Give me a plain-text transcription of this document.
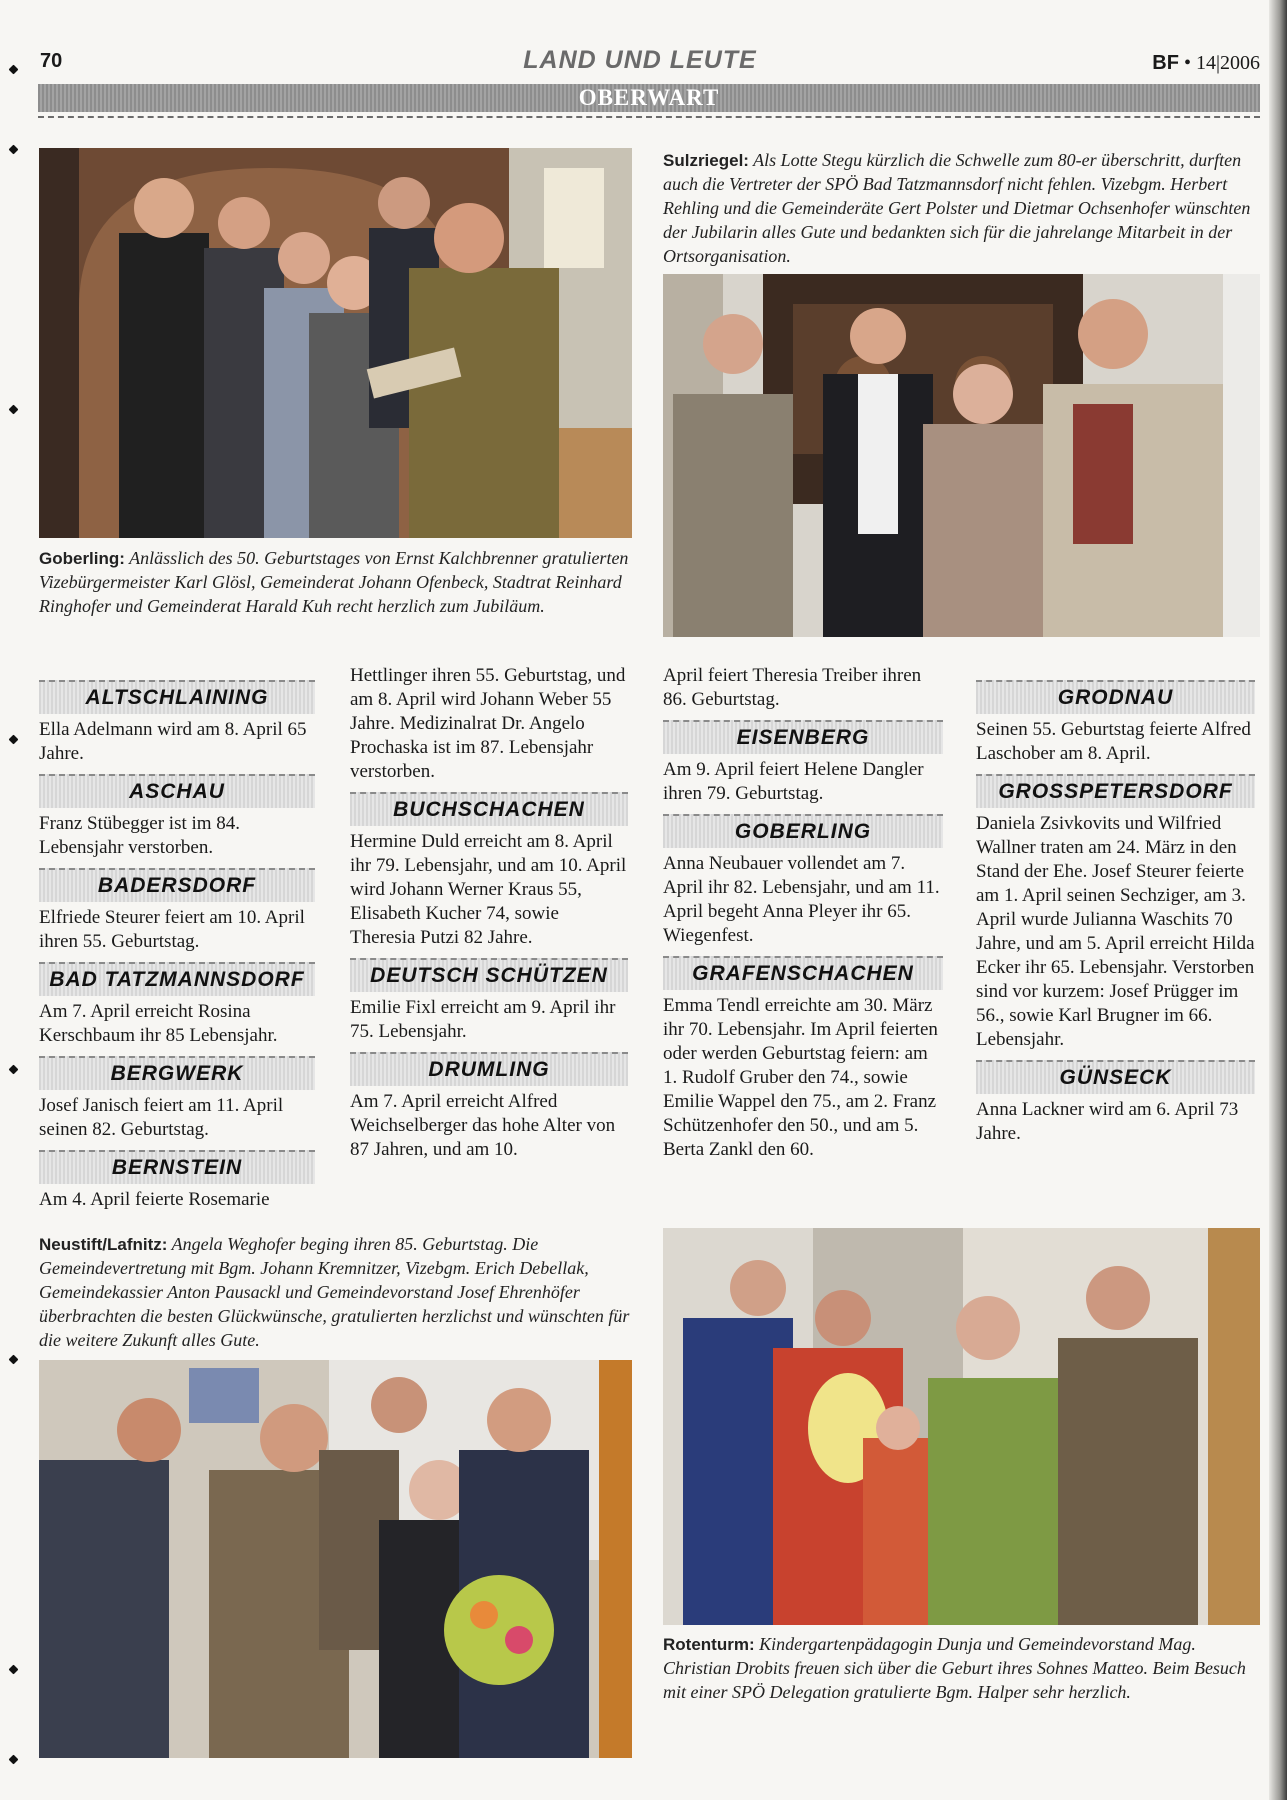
70	LAND UND LEUTE	BF • 14|2006
OBERWART
Goberling: Anlässlich des 50. Geburtstages von Ernst Kalchbrenner gratulierten Vizebürgermeister Karl Glösl, Gemeinderat Johann Ofenbeck, Stadtrat Reinhard Ringhofer und Gemeinderat Harald Kuh recht herzlich zum Jubiläum.
Sulzriegel: Als Lotte Stegu kürzlich die Schwelle zum 80-er überschritt, durften auch die Vertreter der SPÖ Bad Tatzmannsdorf nicht fehlen. Vizebgm. Herbert Rehling und die Gemeinderäte Gert Polster und Dietmar Ochsenhofer wünschten der Jubilarin alles Gute und bedankten sich für die jahrelange Mitarbeit in der Ortsorganisation.
ALTSCHLAINING

Ella Adelmann wird am 8. April 65 Jahre.

ASCHAU

Franz Stübegger ist im 84. Lebensjahr verstorben.

BADERSDORF

Elfriede Steurer feiert am 10. April ihren 55. Geburtstag.

BAD TATZMANNSDORF

Am 7. April erreicht Rosina Kerschbaum ihr 85 Lebensjahr.

BERGWERK

Josef Janisch feiert am 11. April seinen 82. Geburtstag.

BERNSTEIN

Am 4. April feierte Rosemarie

Hettlinger ihren 55. Geburtstag, und am 8. April wird Johann Weber 55 Jahre. Medizinalrat Dr. Angelo Prochaska ist im 87. Lebensjahr verstorben.

BUCHSCHACHEN

Hermine Duld erreicht am 8. April ihr 79. Lebensjahr, und am 10. April wird Johann Werner Kraus 55, Elisabeth Kucher 74, sowie Theresia Putzi 82 Jahre.

DEUTSCH SCHÜTZEN

Emilie Fixl erreicht am 9. April ihr 75. Lebensjahr.

DRUMLING

Am 7. April erreicht Alfred Weichselberger das hohe Alter von 87 Jahren, und am 10.

April feiert Theresia Treiber ihren 86. Geburtstag.

EISENBERG

Am 9. April feiert Helene Dangler ihren 79. Geburtstag.

GOBERLING

Anna Neubauer vollendet am 7. April ihr 82. Lebensjahr, und am 11. April begeht Anna Pleyer ihr 65. Wiegenfest.

GRAFENSCHACHEN

Emma Tendl erreichte am 30. März ihr 70. Lebensjahr. Im April feierten oder werden Geburtstag feiern: am 1. Rudolf Gruber den 74., sowie Emilie Wappel den 75., am 2. Franz Schützenhofer den 50., und am 5. Berta Zankl den 60.

GRODNAU

Seinen 55. Geburtstag feierte Alfred Laschober am 8. April.

GROSSPETERSDORF

Daniela Zsivkovits und Wilfried Wallner traten am 24. März in den Stand der Ehe. Josef Steurer feierte am 1. April seinen Sechziger, am 3. April wurde Julianna Waschits 70 Jahre, und am 5. April erreicht Hilda Ecker ihr 65. Lebensjahr. Verstorben sind vor kurzem: Josef Prügger im 56., sowie Karl Brugner im 66. Lebensjahr.

GÜNSECK

Anna Lackner wird am 6. April 73 Jahre.

Neustift/Lafnitz: Angela Weghofer beging ihren 85. Geburtstag. Die Gemeindevertretung mit Bgm. Johann Kremnitzer, Vizebgm. Erich Debellak, Gemeindekassier Anton Pausackl und Gemeindevorstand Josef Ehrenhöfer überbrachten die besten Glückwünsche, gratulierten herzlichst und wünschten für die weitere Zukunft alles Gute.
Rotenturm: Kindergartenpädagogin Dunja und Gemeindevorstand Mag. Christian Drobits freuen sich über die Geburt ihres Sohnes Matteo. Beim Besuch mit einer SPÖ Delegation gratulierte Bgm. Halper sehr herzlich.
